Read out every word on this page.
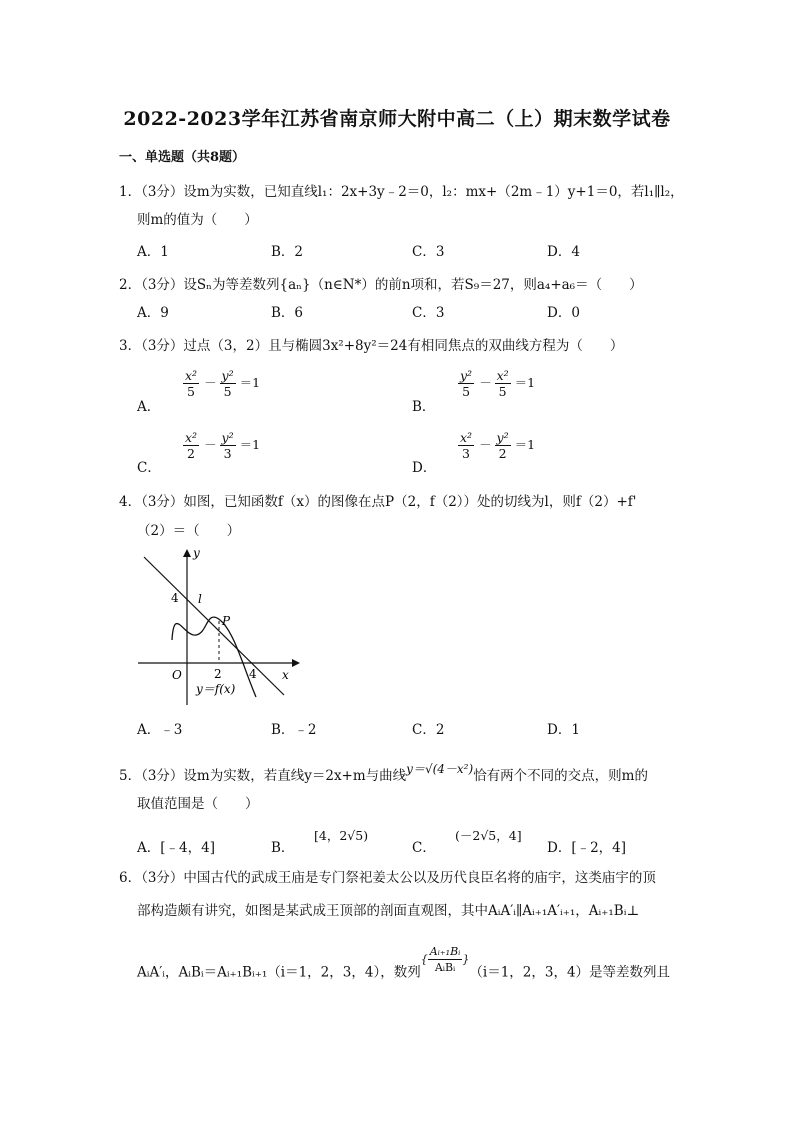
2022-2023学年江苏省南京师大附中高二（上）期末数学试卷
一、单选题（共8题）
1．（3分）设m为实数，已知直线l₁：2x+3y﹣2＝0，l₂：mx+（2m﹣1）y+1＝0，若l₁∥l₂，
则m的值为（　　）
A．1	B．2	C．3	D．4
2．（3分）设Sₙ为等差数列{aₙ}（n∈N*）的前n项和，若S₉＝27，则a₄+a₆＝（　　）
A．9	B．6	C．3	D．0
3．（3分）过点（3，2）且与椭圆3x²+8y²＝24有相同焦点的双曲线方程为（　　）
A．
$\frac{\text{x²}}{5} - \frac{\text{y²}}{5} =1$
B．
$\frac{\text{y²}}{5} - \frac{\text{x²}}{5} =1$
C．
$\frac{\text{x²}}{2} - \frac{\text{y²}}{3} =1$
D．
$\frac{\text{x²}}{3} - \frac{\text{y²}}{2} =1$
4．（3分）如图，已知函数f（x）的图像在点P（2，f（2））处的切线为l，则f（2）+f'
（2）＝（　　）
y
4 l
P
O	2 4 x
y＝f(x)
A．﹣3	B．﹣2	C．2	D．1
5．（3分）设m为实数，若直线y＝2x+m与曲线y＝√(4－x²)恰有两个不同的交点，则m的
取值范围是（　　）
A．[﹣4，4]	B．
[4，2√5)
C．
(－2√5，4]
D．[﹣2，4]
6．（3分）中国古代的武成王庙是专门祭祀姜太公以及历代良臣名将的庙宇，这类庙宇的顶
部构造颇有讲究，如图是某武成王顶部的剖面直观图，其中AᵢA′ᵢ∥Aᵢ₊₁A′ᵢ₊₁，Aᵢ₊₁Bᵢ⊥
AᵢA′ᵢ，AᵢBᵢ＝Aᵢ₊₁Bᵢ₊₁（i＝1，2，3，4），数列$^{\{ \frac{\text{Aᵢ₊₁Bᵢ}}{\text{AᵢBᵢ}} \}}$（i＝1，2，3，4）是等差数列且
